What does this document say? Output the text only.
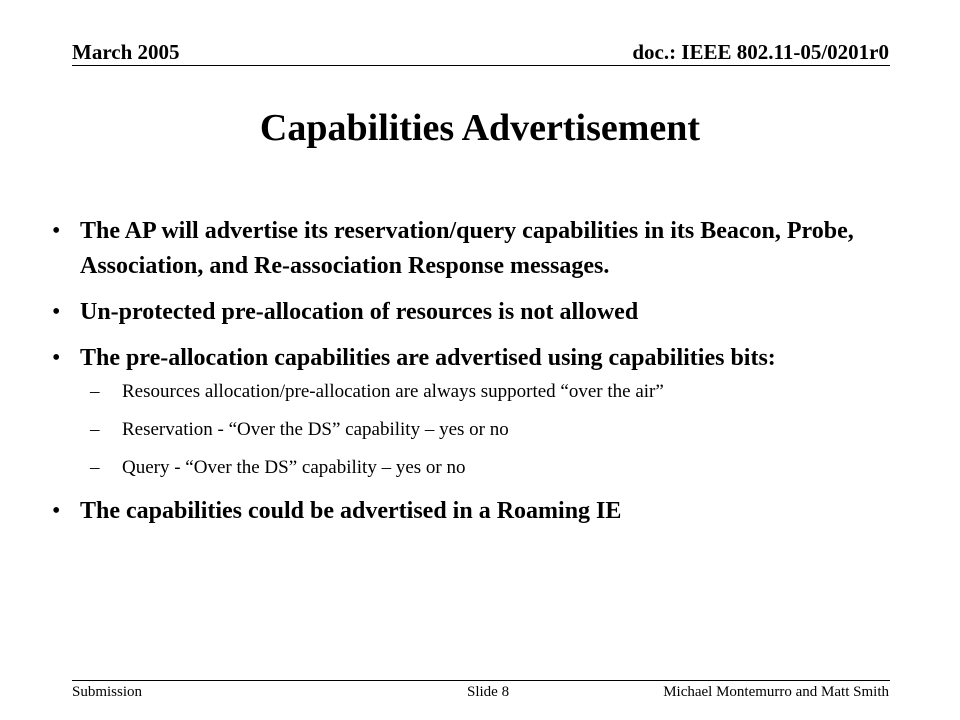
March 2005	doc.: IEEE 802.11-05/0201r0
Capabilities Advertisement
• The AP will advertise its reservation/query capabilities in its Beacon, Probe, Association, and Re-association Response messages.
• Un-protected pre-allocation of resources is not allowed
• The pre-allocation capabilities are advertised using capabilities bits:
– Resources allocation/pre-allocation are always supported “over the air”
– Reservation - “Over the DS” capability – yes or no
– Query - “Over the DS” capability – yes or no
• The capabilities could be advertised in a Roaming IE
Submission	Slide 8	Michael Montemurro and Matt Smith
